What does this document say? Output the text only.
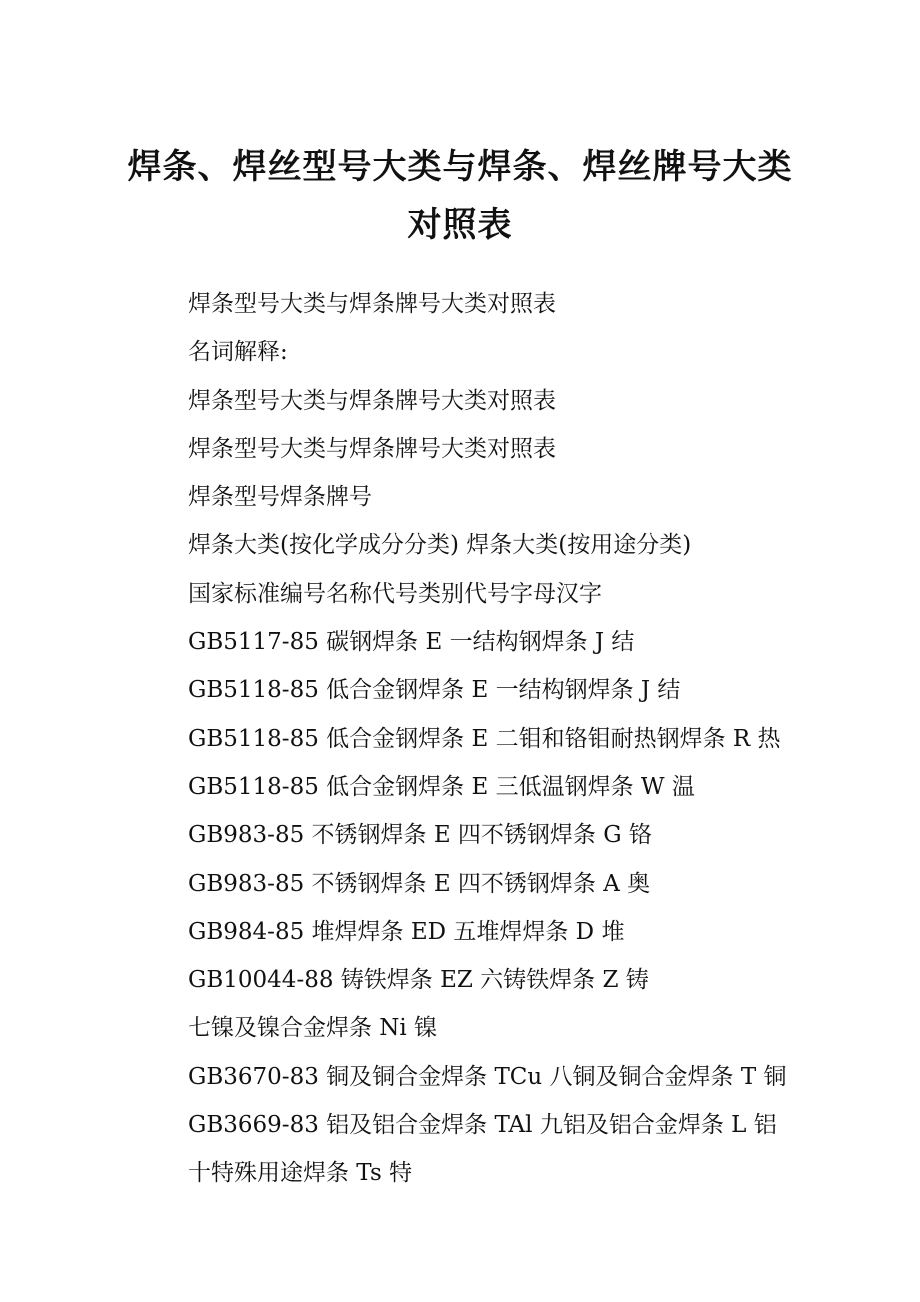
焊条、焊丝型号大类与焊条、焊丝牌号大类
对照表
焊条型号大类与焊条牌号大类对照表
名词解释:
焊条型号大类与焊条牌号大类对照表
焊条型号大类与焊条牌号大类对照表
焊条型号焊条牌号
焊条大类(按化学成分分类) 焊条大类(按用途分类)
国家标准编号名称代号类别代号字母汉字
GB5117-85 碳钢焊条 E 一结构钢焊条 J 结
GB5118-85 低合金钢焊条 E 一结构钢焊条 J 结
GB5118-85 低合金钢焊条 E 二钼和铬钼耐热钢焊条 R 热
GB5118-85 低合金钢焊条 E 三低温钢焊条 W 温
GB983-85 不锈钢焊条 E 四不锈钢焊条 G 铬
GB983-85 不锈钢焊条 E 四不锈钢焊条 A 奥
GB984-85 堆焊焊条 ED 五堆焊焊条 D 堆
GB10044-88 铸铁焊条 EZ 六铸铁焊条 Z 铸
七镍及镍合金焊条 Ni 镍
GB3670-83 铜及铜合金焊条 TCu 八铜及铜合金焊条 T 铜
GB3669-83 铝及铝合金焊条 TAl 九铝及铝合金焊条 L 铝
十特殊用途焊条 Ts 特
